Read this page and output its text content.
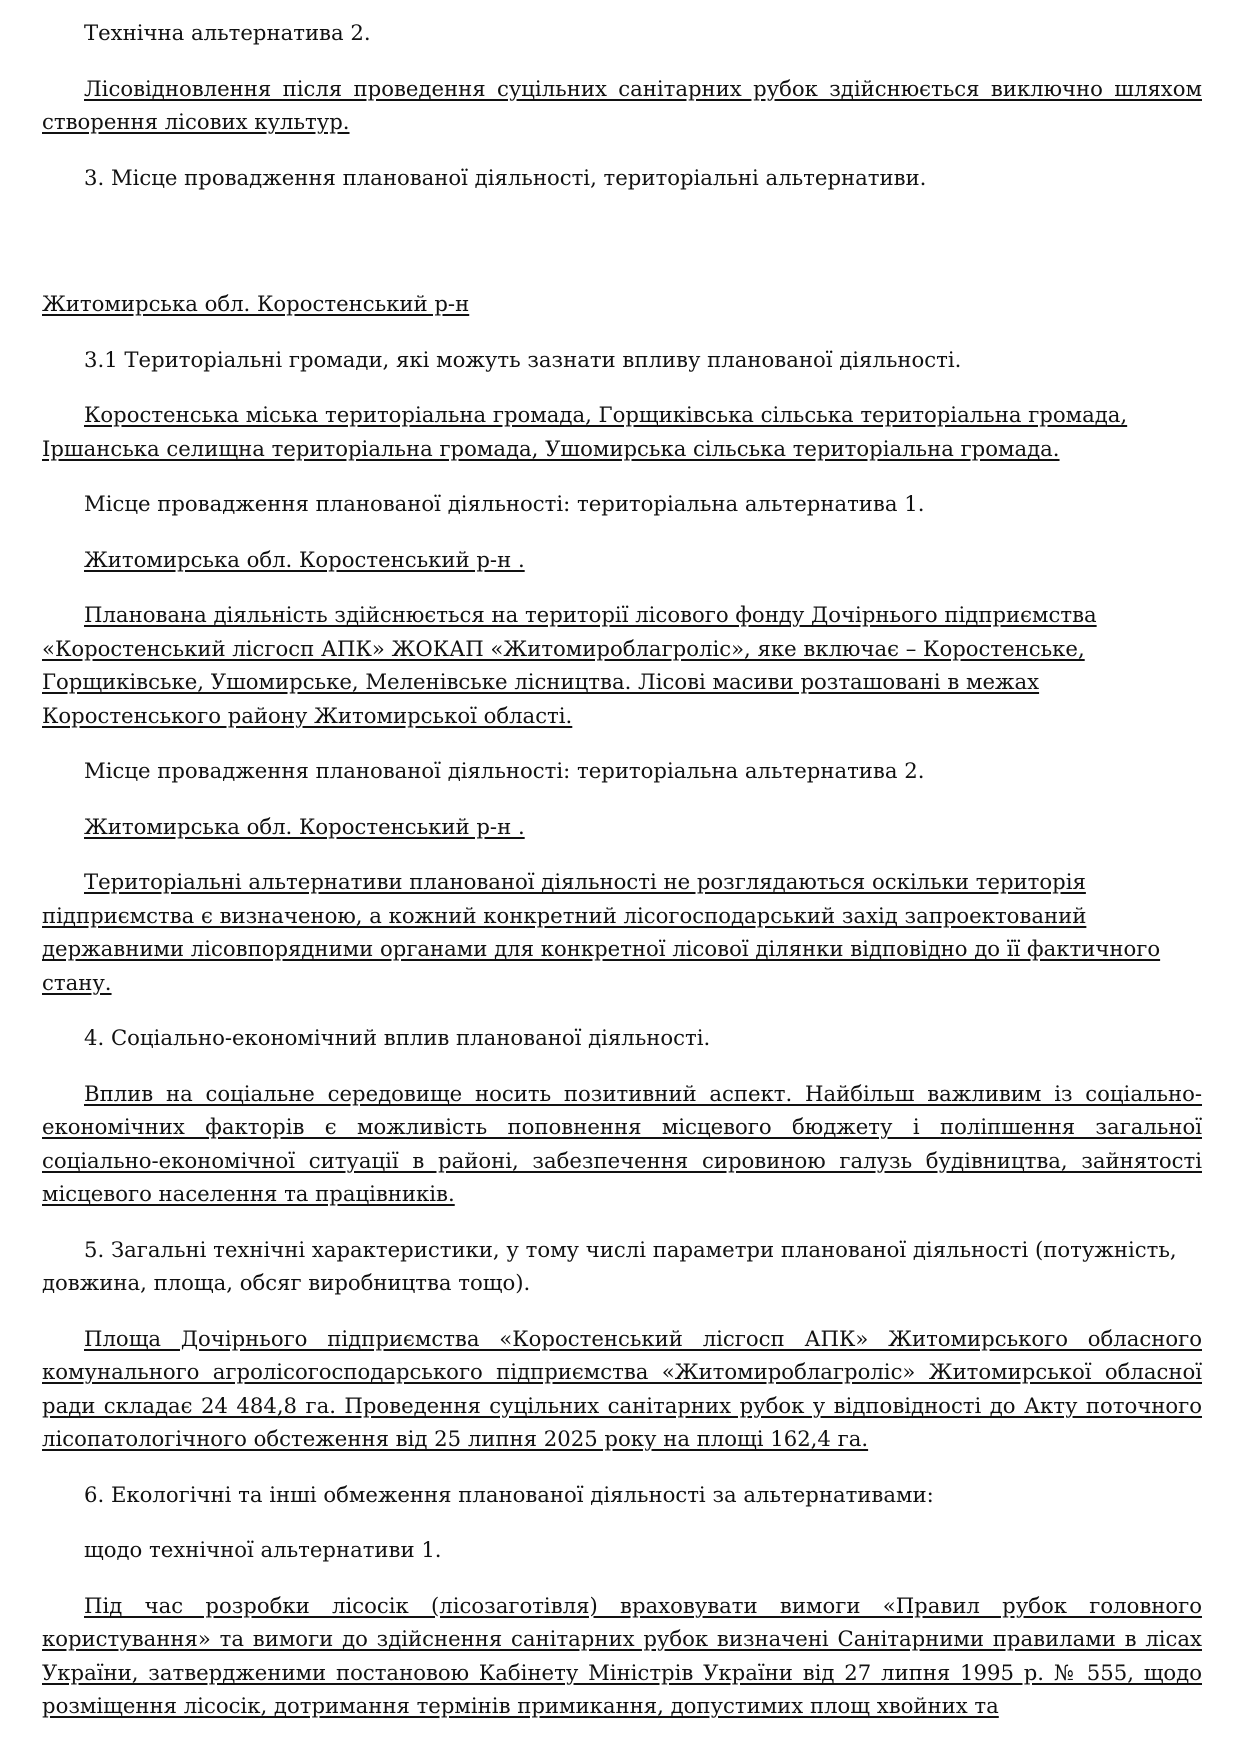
Технічна альтернатива 2.

Лісовідновлення після проведення суцільних санітарних рубок здійснюється виключно шляхом створення лісових культур.

3. Місце провадження планованої діяльності, територіальні альтернативи.

Житомирська обл. Коростенський р-н

3.1 Територіальні громади, які можуть зазнати впливу планованої діяльності.

Коростенська міська територіальна громада, Горщиківська сільська територіальна громада, Іршанська селищна територіальна громада, Ушомирська сільська територіальна громада.

Місце провадження планованої діяльності: територіальна альтернатива 1.

Житомирська обл. Коростенський р-н .

Планована діяльність здійснюється на території лісового фонду Дочірнього підприємства «Коростенський лісгосп АПК» ЖОКАП «Житомироблагроліс», яке включає – Коростенське, Горщиківське, Ушомирське, Меленівське лісництва. Лісові масиви розташовані в межах Коростенського району Житомирської області.

Місце провадження планованої діяльності: територіальна альтернатива 2.

Житомирська обл. Коростенський р-н .

Територіальні альтернативи планованої діяльності не розглядаються оскільки територія підприємства є визначеною, а кожний конкретний лісогосподарський захід запроектований державними лісовпорядними органами для конкретної лісової ділянки відповідно до її фактичного стану.

4. Соціально-економічний вплив планованої діяльності.

Вплив на соціальне середовище носить позитивний аспект. Найбільш важливим із соціально-економічних факторів є можливість поповнення місцевого бюджету і поліпшення загальної соціально-економічної ситуації в районі, забезпечення сировиною галузь будівництва, зайнятості місцевого населення та працівників.

5. Загальні технічні характеристики, у тому числі параметри планованої діяльності (потужність, довжина, площа, обсяг виробництва тощо).

Площа Дочірнього підприємства «Коростенський лісгосп АПК» Житомирського обласного комунального агролісогосподарського підприємства «Житомироблагроліс» Житомирської обласної ради складає 24 484,8 га. Проведення суцільних санітарних рубок у відповідності до Акту поточного лісопатологічного обстеження від 25 липня 2025 року на площі 162,4 га.

6. Екологічні та інші обмеження планованої діяльності за альтернативами:

щодо технічної альтернативи 1.

Під час розробки лісосік (лісозаготівля) враховувати вимоги «Правил рубок головного користування» та вимоги до здійснення санітарних рубок визначені Санітарними правилами в лісах України, затвердженими постановою Кабінету Міністрів України від 27 липня 1995 р. № 555, щодо розміщення лісосік, дотримання термінів примикання, допустимих площ хвойних та
